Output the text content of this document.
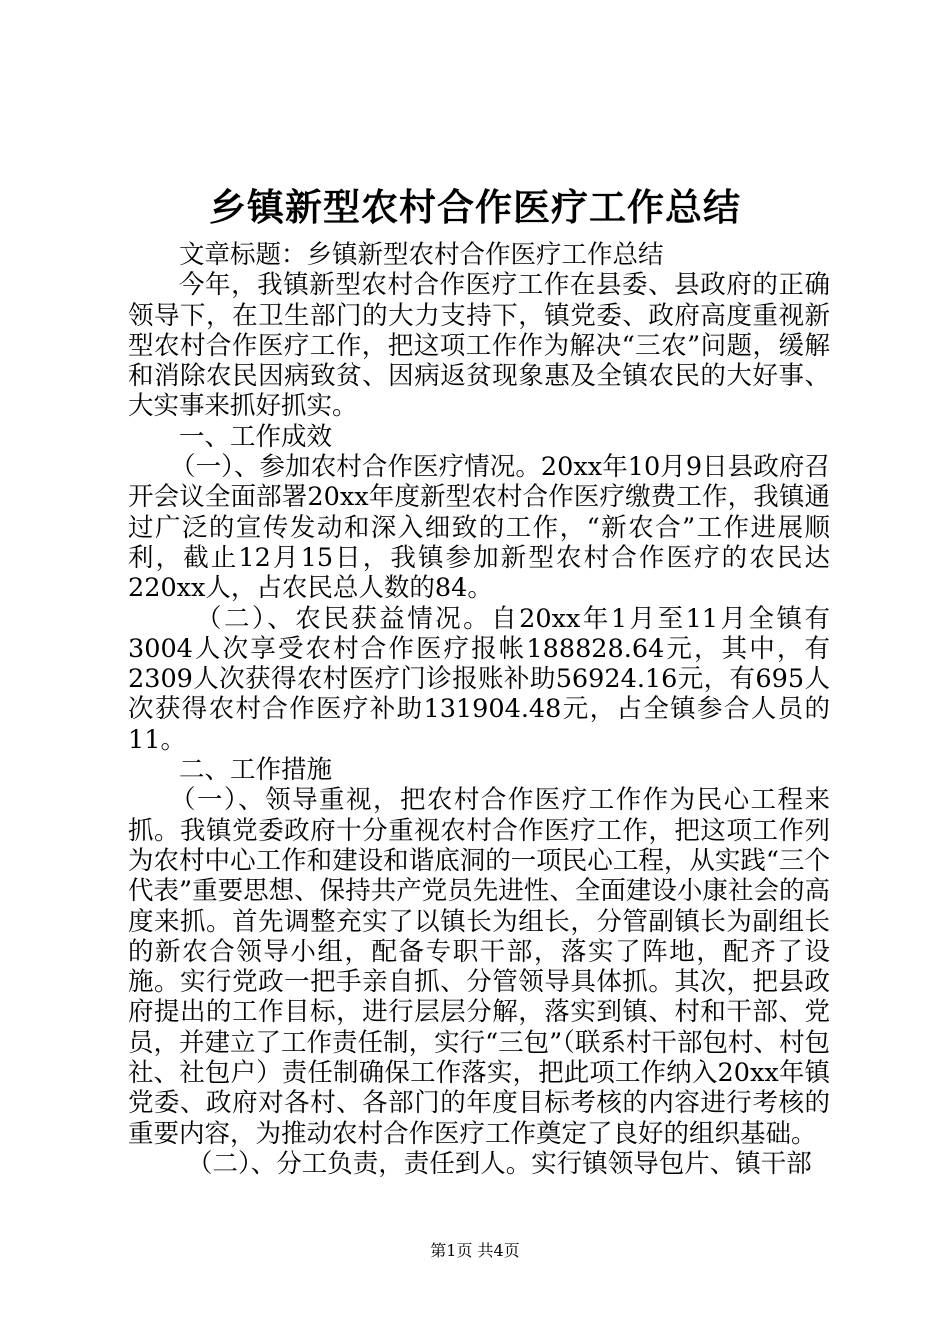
乡镇新型农村合作医疗工作总结

文章标题：乡镇新型农村合作医疗工作总结

今年，我镇新型农村合作医疗工作在县委、县政府的正确领导下，在卫生部门的大力支持下，镇党委、政府高度重视新型农村合作医疗工作，把这项工作作为解决“三农”问题，缓解和消除农民因病致贫、因病返贫现象惠及全镇农民的大好事、大实事来抓好抓实。

一、工作成效

（一）、参加农村合作医疗情况。20xx年10月9日县政府召开会议全面部署20xx年度新型农村合作医疗缴费工作，我镇通过广泛的宣传发动和深入细致的工作，“新农合”工作进展顺利，截止12月15日，我镇参加新型农村合作医疗的农民达220xx人，占农民总人数的84。

（二）、农民获益情况。自20xx年1月至11月全镇有3004人次享受农村合作医疗报帐188828.64元，其中，有2309人次获得农村医疗门诊报账补助56924.16元，有695人次获得农村合作医疗补助131904.48元，占全镇参合人员的11。

二、工作措施

（一）、领导重视，把农村合作医疗工作作为民心工程来抓。我镇党委政府十分重视农村合作医疗工作，把这项工作列为农村中心工作和建设和谐底洞的一项民心工程，从实践“三个代表”重要思想、保持共产党员先进性、全面建设小康社会的高度来抓。首先调整充实了以镇长为组长，分管副镇长为副组长的新农合领导小组，配备专职干部，落实了阵地，配齐了设施。实行党政一把手亲自抓、分管领导具体抓。其次，把县政府提出的工作目标，进行层层分解，落实到镇、村和干部、党员，并建立了工作责任制，实行“三包”（联系村干部包村、村包社、社包户）责任制确保工作落实，把此项工作纳入20xx年镇党委、政府对各村、各部门的年度目标考核的内容进行考核的重要内容，为推动农村合作医疗工作奠定了良好的组织基础。

（二）、分工负责，责任到人。实行镇领导包片、镇干部

第1页 共4页
